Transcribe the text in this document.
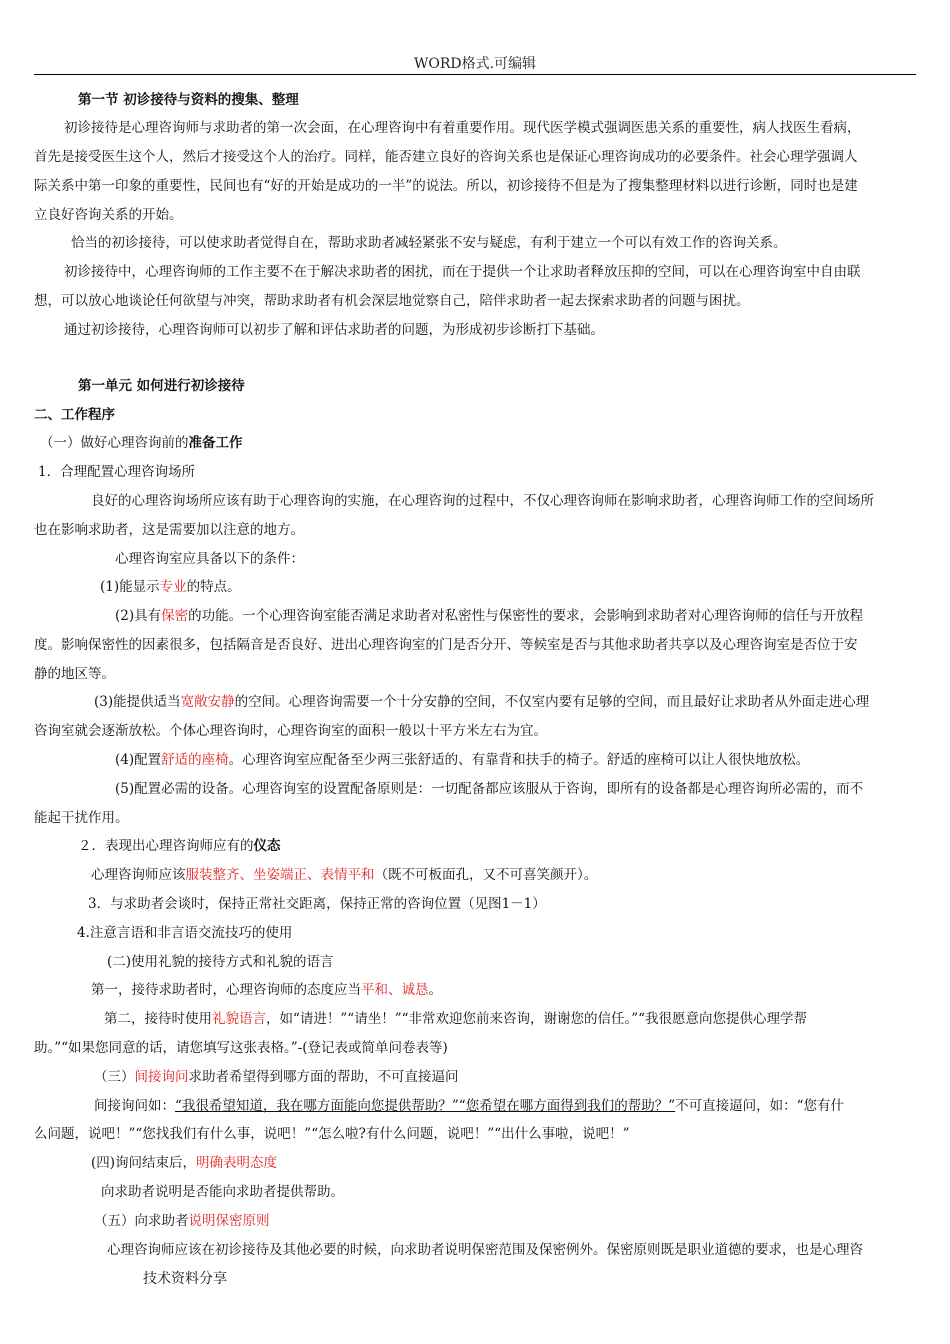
WORD格式.可编辑
第一节 初诊接待与资料的搜集、整理
初诊接待是心理咨询师与求助者的第一次会面，在心理咨询中有着重要作用。现代医学模式强调医患关系的重要性，病人找医生看病，
首先是接受医生这个人，然后才接受这个人的治疗。同样，能否建立良好的咨询关系也是保证心理咨询成功的必要条件。社会心理学强调人
际关系中第一印象的重要性，民间也有“好的开始是成功的一半”的说法。所以，初诊接待不但是为了搜集整理材料以进行诊断，同时也是建
立良好咨询关系的开始。
恰当的初诊接待，可以使求助者觉得自在，帮助求助者减轻紧张不安与疑虑，有利于建立一个可以有效工作的咨询关系。
初诊接待中，心理咨询师的工作主要不在于解决求助者的困扰，而在于提供一个让求助者释放压抑的空间，可以在心理咨询室中自由联
想，可以放心地谈论任何欲望与冲突，帮助求助者有机会深层地觉察自己，陪伴求助者一起去探索求助者的问题与困扰。
通过初诊接待，心理咨询师可以初步了解和评估求助者的问题，为形成初步诊断打下基础。
第一单元 如何进行初诊接待
二、工作程序
（一）做好心理咨询前的准备工作
1．合理配置心理咨询场所
良好的心理咨询场所应该有助于心理咨询的实施，在心理咨询的过程中，不仅心理咨询师在影响求助者，心理咨询师工作的空间场所
也在影响求助者，这是需要加以注意的地方。
心理咨询室应具备以下的条件：
(1)能显示专业的特点。
(2)具有保密的功能。一个心理咨询室能否满足求助者对私密性与保密性的要求，会影响到求助者对心理咨询师的信任与开放程
度。影响保密性的因素很多，包括隔音是否良好、进出心理咨询室的门是否分开、等候室是否与其他求助者共享以及心理咨询室是否位于安
静的地区等。
(3)能提供适当宽敞安静的空间。心理咨询需要一个十分安静的空间，不仅室内要有足够的空间，而且最好让求助者从外面走进心理
咨询室就会逐渐放松。个体心理咨询时，心理咨询室的面积一般以十平方米左右为宜。
(4)配置舒适的座椅。心理咨询室应配备至少两三张舒适的、有靠背和扶手的椅子。舒适的座椅可以让人很快地放松。
(5)配置必需的设备。心理咨询室的设置配备原则是：一切配备都应该服从于咨询，即所有的设备都是心理咨询所必需的，而不
能起干扰作用。
２．表现出心理咨询师应有的仪态
心理咨询师应该服装整齐、坐姿端正、表情平和（既不可板面孔，又不可喜笑颜开）。
3．与求助者会谈时，保持正常社交距离，保持正常的咨询位置（见图1－1）
4.注意言语和非言语交流技巧的使用
(二)使用礼貌的接待方式和礼貌的语言
第一，接待求助者时，心理咨询师的态度应当平和、诚恳。
第二，接待时使用礼貌语言，如“请进！”“请坐！”“非常欢迎您前来咨询，谢谢您的信任。”“我很愿意向您提供心理学帮
助。”“如果您同意的话，请您填写这张表格。”-(登记表或简单问卷表等)
（三）间接询问求助者希望得到哪方面的帮助，不可直接逼问
间接询问如：“我很希望知道，我在哪方面能向您提供帮助？”“您希望在哪方面得到我们的帮助？”不可直接逼问，如：“您有什
么问题，说吧！”“您找我们有什么事，说吧！”“怎么啦?有什么问题，说吧！”“出什么事啦，说吧！”
(四)询问结束后，明确表明态度
向求助者说明是否能向求助者提供帮助。
（五）向求助者说明保密原则
心理咨询师应该在初诊接待及其他必要的时候，向求助者说明保密范围及保密例外。保密原则既是职业道德的要求，也是心理咨
技术资料分享
